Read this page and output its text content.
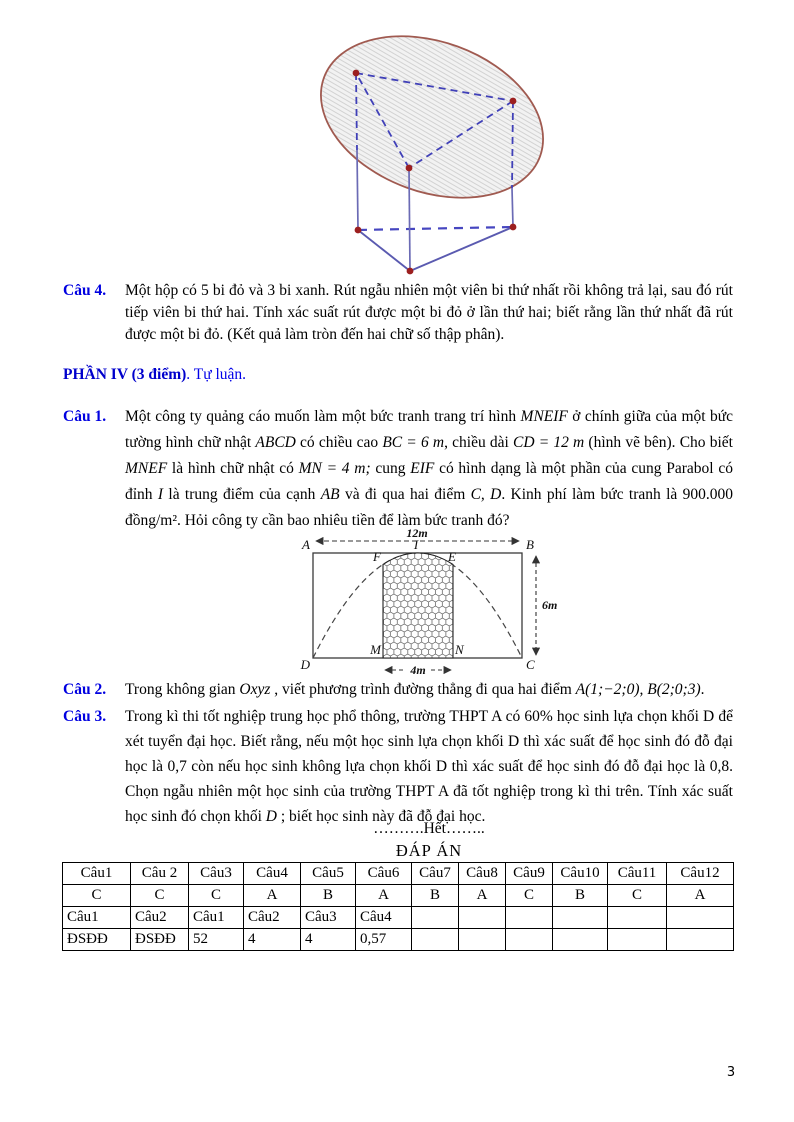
Câu 4.	Một hộp có 5 bi đỏ và 3 bi xanh. Rút ngẫu nhiên một viên bi thứ nhất rồi không trả lại, sau đó rút tiếp viên bi thứ hai. Tính xác suất rút được một bi đỏ ở lần thứ hai; biết rằng lần thứ nhất đã rút được một bi đỏ. (Kết quả làm tròn đến hai chữ số thập phân).
PHẦN IV (3 điểm). Tự luận.
Câu 1.	Một công ty quảng cáo muốn làm một bức tranh trang trí hình MNEIF ở chính giữa của một bức tường hình chữ nhật ABCD có chiều cao BC = 6 m, chiều dài CD = 12 m (hình vẽ bên). Cho biết MNEF là hình chữ nhật có MN = 4 m; cung EIF có hình dạng là một phần của cung Parabol có đỉnh I là trung điểm của cạnh AB và đi qua hai điểm C, D. Kinh phí làm bức tranh là 900.000 đồng/m². Hỏi công ty cần bao nhiêu tiền để làm bức tranh đó?
12m
6m
4m
A	B
D	C
I
F	E
M	N
Câu 2.	Trong không gian Oxyz , viết phương trình đường thẳng đi qua hai điểm A(1;−2;0), B(2;0;3).
Câu 3.	Trong kì thi tốt nghiệp trung học phổ thông, trường THPT A có 60% học sinh lựa chọn khối D để xét tuyển đại học. Biết rằng, nếu một học sinh lựa chọn khối D thì xác suất để học sinh đó đỗ đại học là 0,7 còn nếu học sinh không lựa chọn khối D thì xác suất để học sinh đó đỗ đại học là 0,8. Chọn ngẫu nhiên một học sinh của trường THPT A đã tốt nghiệp trong kì thi trên. Tính xác suất học sinh đó chọn khối D ; biết học sinh này đã đỗ đại học.
……….Hết……..
ĐÁP ÁN
Câu1	Câu 2	Câu3	Câu4	Câu5	Câu6	Câu7	Câu8	Câu9	Câu10	Câu11	Câu12
C	C	C	A	B	A	B	A	C	B	C	A
Câu1	Câu2	Câu1	Câu2	Câu3	Câu4						
ĐSĐĐ	ĐSĐĐ	52	4	4	0,57						
3
